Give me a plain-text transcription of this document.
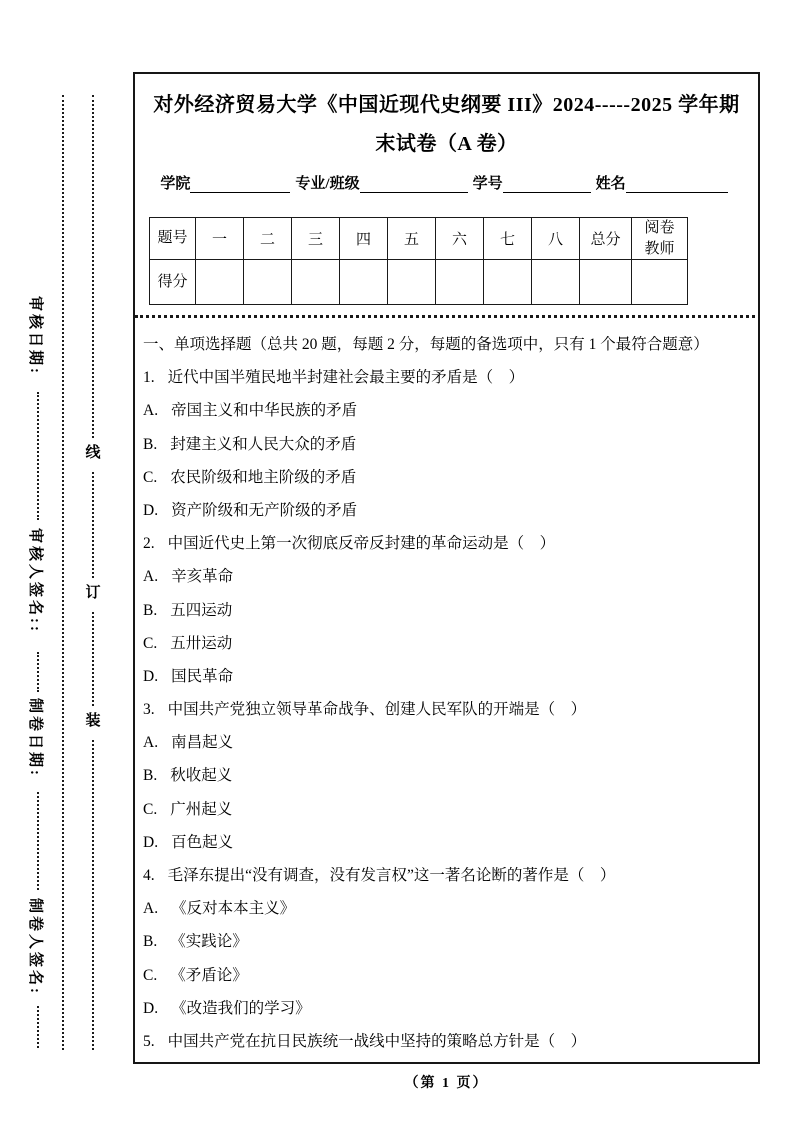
审核日期:
审核人签名::
制卷日期:
制卷人签名:
线
订
装
对外经济贸易大学《中国近现代史纲要 III》2024-----2025 学年期
末试卷（A 卷）
学院	专业/班级	学号	姓名
题号	一	二	三	四	五	六	七	八	总分	阅卷教师
得分										
一、单项选择题（总共 20 题，每题 2 分，每题的备选项中，只有 1 个最符合题意）
1. 近代中国半殖民地半封建社会最主要的矛盾是（　）
A. 帝国主义和中华民族的矛盾
B. 封建主义和人民大众的矛盾
C. 农民阶级和地主阶级的矛盾
D. 资产阶级和无产阶级的矛盾
2. 中国近代史上第一次彻底反帝反封建的革命运动是（　）
A. 辛亥革命
B. 五四运动
C. 五卅运动
D. 国民革命
3. 中国共产党独立领导革命战争、创建人民军队的开端是（　）
A. 南昌起义
B. 秋收起义
C. 广州起义
D. 百色起义
4. 毛泽东提出“没有调查，没有发言权”这一著名论断的著作是（　）
A. 《反对本本主义》
B. 《实践论》
C. 《矛盾论》
D. 《改造我们的学习》
5. 中国共产党在抗日民族统一战线中坚持的策略总方针是（　）
（第 1 页）
